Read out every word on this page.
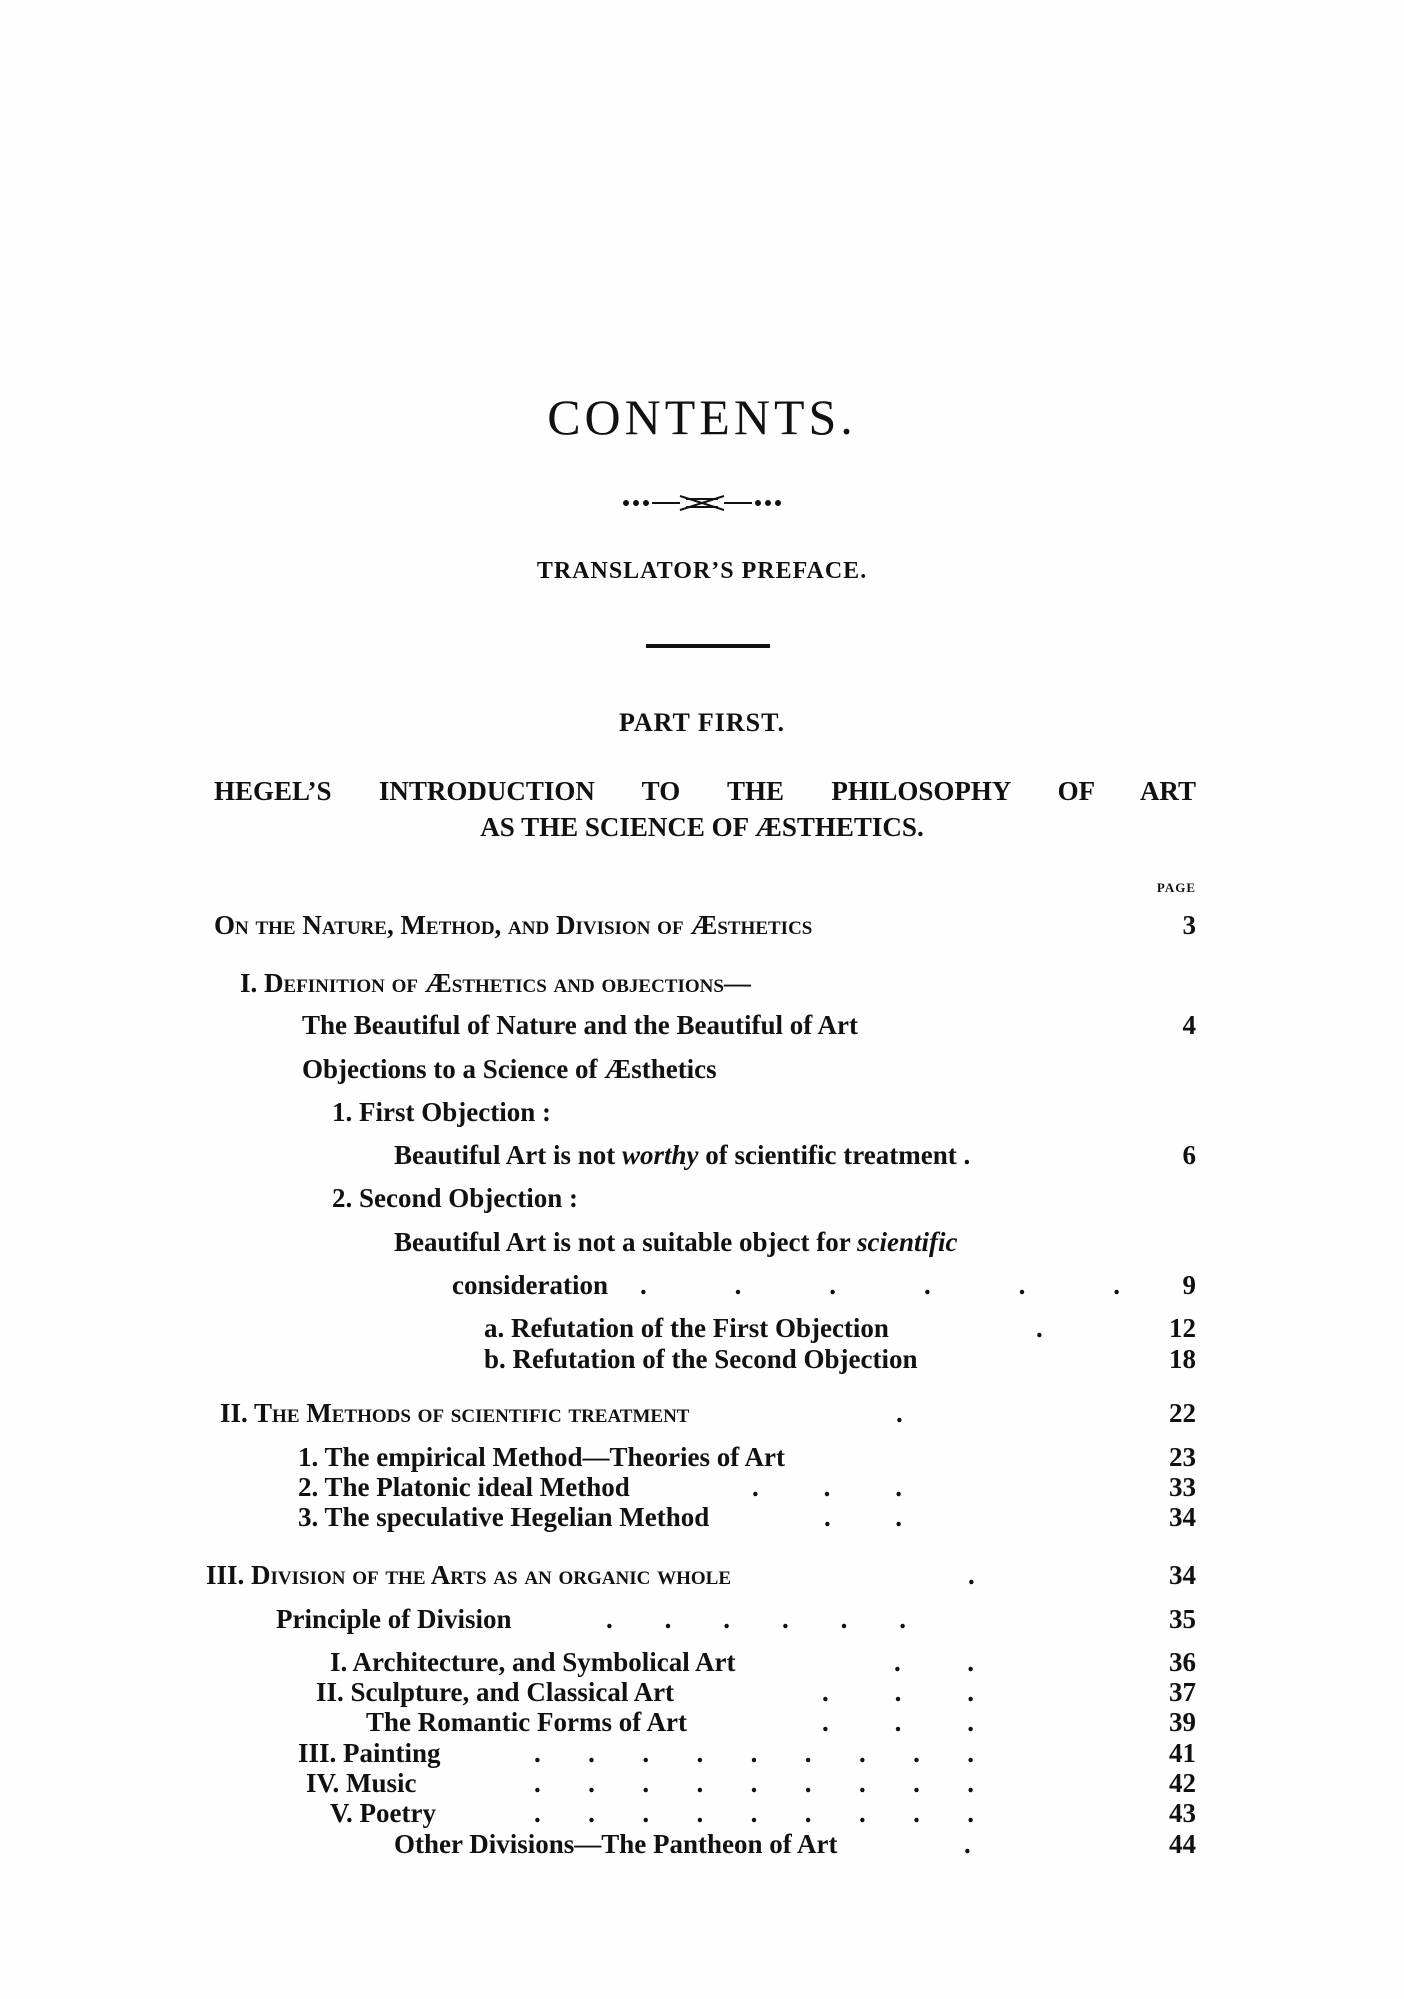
CONTENTS.
TRANSLATOR’S PREFACE.
PART FIRST.
HEGEL’S INTRODUCTION TO THE PHILOSOPHY OF ART
AS THE SCIENCE OF ÆSTHETICS.
PAGE
On the Nature, Method, and Division of Æsthetics	3
I. Definition of Æsthetics and objections—
The Beautiful of Nature and the Beautiful of Art	4
Objections to a Science of Æsthetics
1. First Objection :
Beautiful Art is not worthy of scientific treatment .	6
2. Second Objection :
Beautiful Art is not a suitable object for scientific
consideration . . . . . .	9
a. Refutation of the First Objection	.	12
b. Refutation of the Second Objection	18
II. The Methods of scientific treatment	.	22
1. The empirical Method—Theories of Art	23
2. The Platonic ideal Method	. . .	33
3. The speculative Hegelian Method	. .	34
III. Division of the Arts as an organic whole	.	34
Principle of Division	. . . . . .	35
I. Architecture, and Symbolical Art	. .	36
II. Sculpture, and Classical Art	. . .	37
The Romantic Forms of Art	. . .	39
III. Painting	. . . . . . . . .	41
IV. Music	. . . . . . . . .	42
V. Poetry	. . . . . . . . .	43
Other Divisions—The Pantheon of Art	.	44
